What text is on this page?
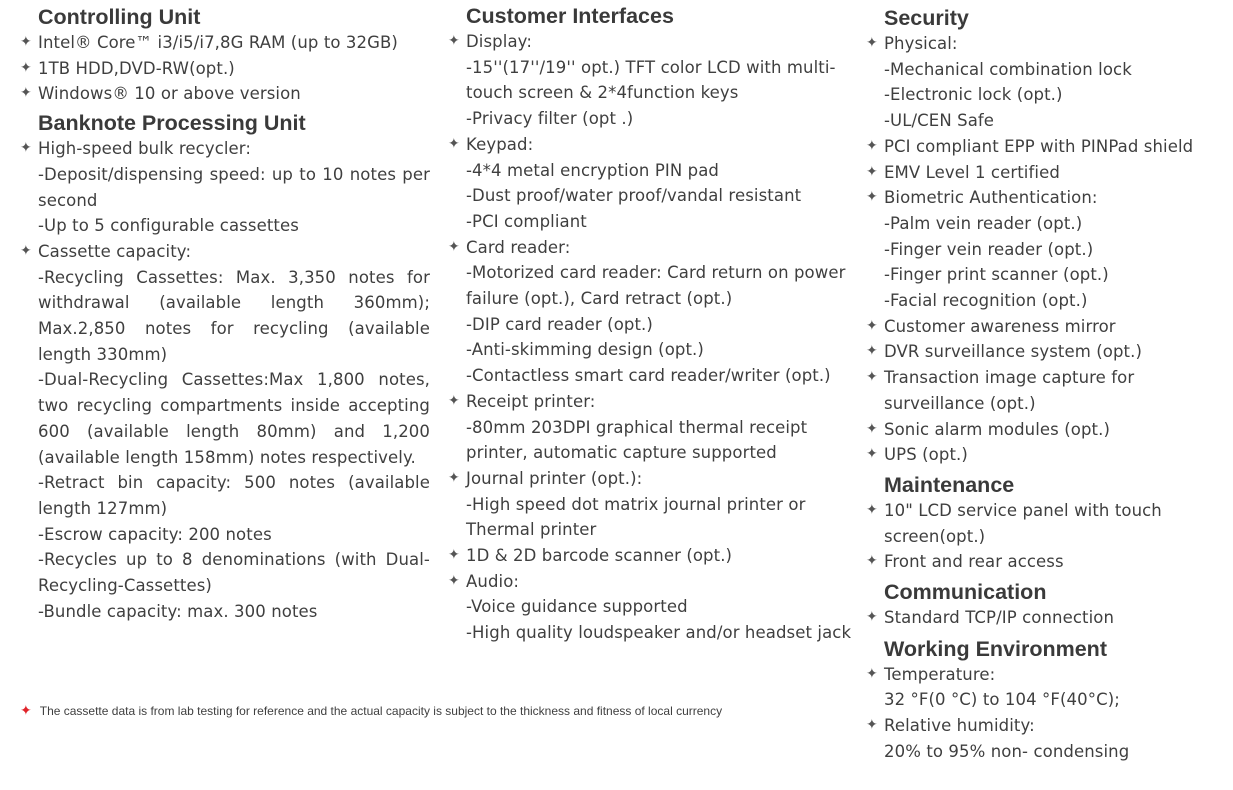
Controlling Unit
✦ Intel® Core™ i3/i5/i7,8G RAM (up to 32GB)
✦ 1TB HDD,DVD-RW(opt.)
✦ Windows® 10 or above version
Banknote Processing Unit
✦ High-speed bulk recycler:
-Deposit/dispensing speed: up to 10 notes per second
-Up to 5 configurable cassettes
✦ Cassette capacity:
-Recycling Cassettes: Max. 3,350 notes for withdrawal (available length 360mm); Max.2,850 notes for recycling (available length 330mm)
-Dual-Recycling Cassettes:Max 1,800 notes, two recycling compartments inside accepting 600 (available length 80mm) and 1,200 (available length 158mm) notes respectively.
-Retract bin capacity: 500 notes (available length 127mm)
-Escrow capacity: 200 notes
-Recycles up to 8 denominations (with Dual- Recycling-Cassettes)
-Bundle capacity: max. 300 notes
Customer Interfaces
✦ Display:
-15''(17''/19'' opt.) TFT color LCD with multi-touch screen & 2*4function keys
-Privacy filter (opt .)
✦ Keypad:
-4*4 metal encryption PIN pad
-Dust proof/water proof/vandal resistant
-PCI compliant
✦ Card reader:
-Motorized card reader: Card return on power failure (opt.), Card retract (opt.)
-DIP card reader (opt.)
-Anti-skimming design (opt.)
-Contactless smart card reader/writer (opt.)
✦ Receipt printer:
-80mm 203DPI graphical thermal receipt printer, automatic capture supported
✦ Journal printer (opt.):
-High speed dot matrix journal printer or Thermal printer
✦ 1D & 2D barcode scanner (opt.)
✦ Audio:
-Voice guidance supported
-High quality loudspeaker and/or headset jack
Security
✦ Physical:
-Mechanical combination lock
-Electronic lock (opt.)
-UL/CEN Safe
✦ PCI compliant EPP with PINPad shield
✦ EMV Level 1 certified
✦ Biometric Authentication:
-Palm vein reader (opt.)
-Finger vein reader (opt.)
-Finger print scanner (opt.)
-Facial recognition (opt.)
✦ Customer awareness mirror
✦ DVR surveillance system (opt.)
✦ Transaction image capture for surveillance (opt.)
✦ Sonic alarm modules (opt.)
✦ UPS (opt.)
Maintenance
✦ 10" LCD service panel with touch screen(opt.)
✦ Front and rear access
Communication
✦ Standard TCP/IP connection
Working Environment
✦ Temperature:
32 °F(0 °C) to 104 °F(40°C);
✦ Relative humidity:
20% to 95% non- condensing
✦ The cassette data is from lab testing for reference and the actual capacity is subject to the thickness and fitness of local currency
